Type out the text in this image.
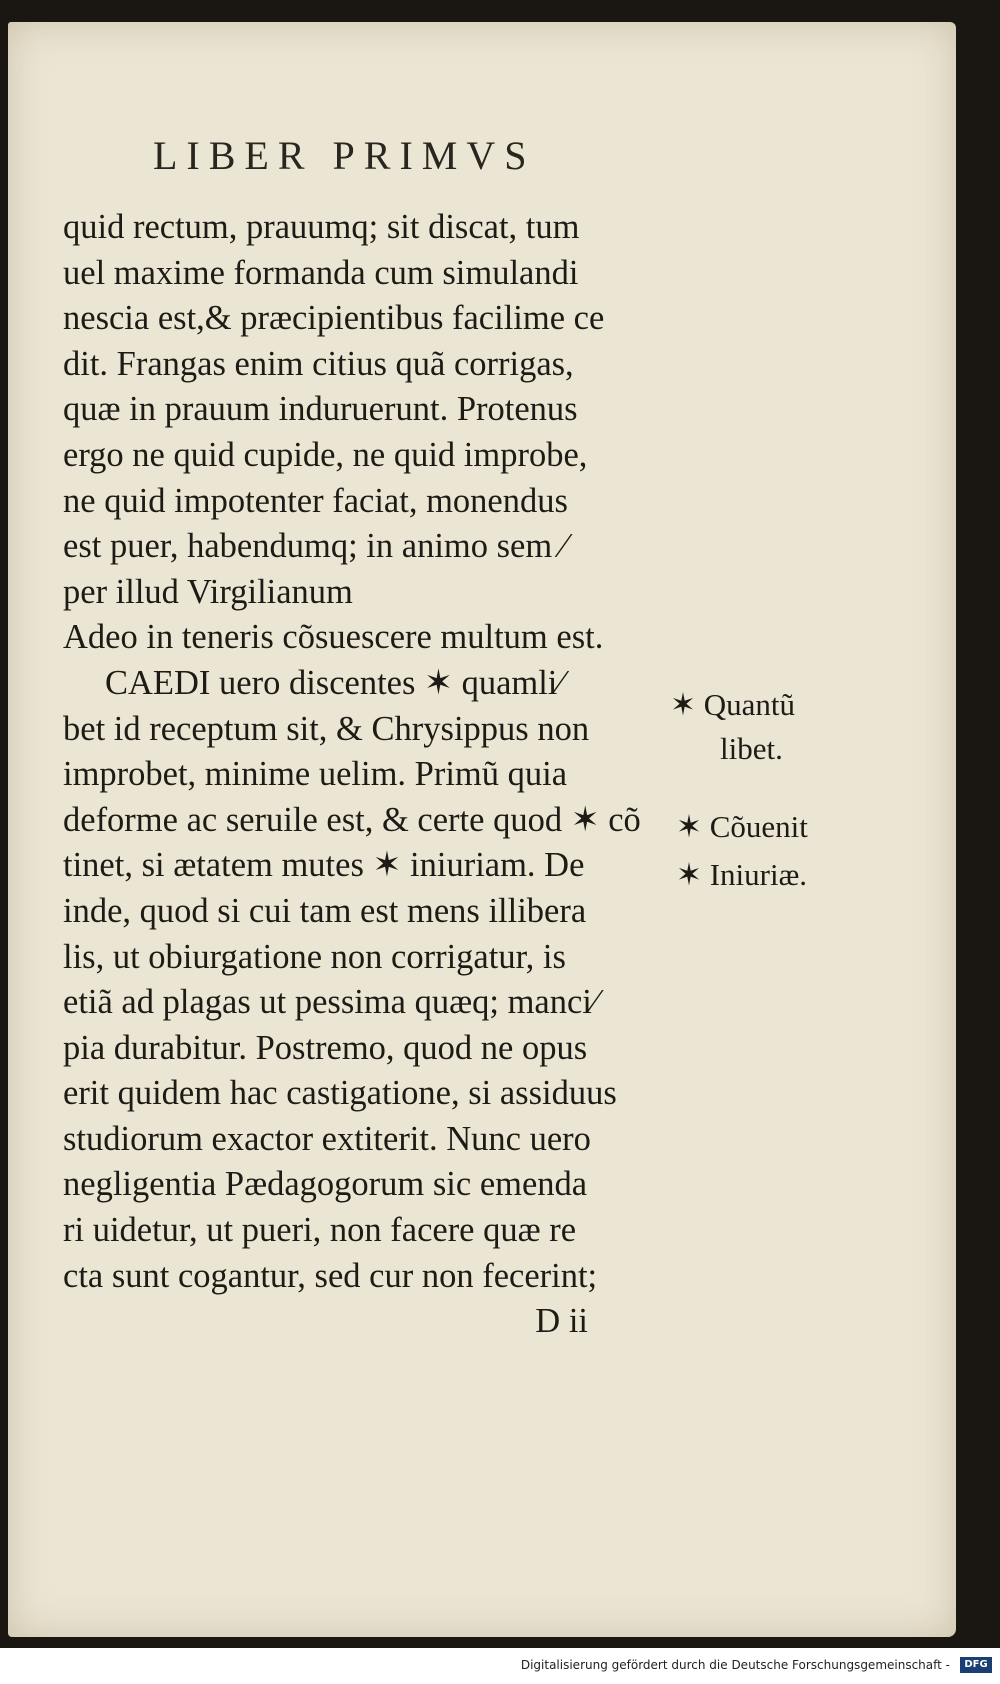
LIBER PRIMVS
quid rectum, prauumq; sit discat, tum
uel maxime formanda cum simulandi
nescia est,& præcipientibus facilime ce
dit. Frangas enim citius quã corrigas,
quæ in prauum induruerunt. Protenus
ergo ne quid cupide, ne quid improbe,
ne quid impotenter faciat, monendus
est puer, habendumq; in animo sem ⁄
per illud Virgilianum
Adeo in teneris cõsuescere multum est.
CAEDI uero discentes ✶ quamli⁄
bet id receptum sit, & Chrysippus non
improbet, minime uelim. Primũ quia
deforme ac seruile est, & certe quod ✶ cõ
tinet, si ætatem mutes ✶ iniuriam. De
inde, quod si cui tam est mens illibera
lis, ut obiurgatione non corrigatur, is
etiã ad plagas ut pessima quæq; manci⁄
pia durabitur. Postremo, quod ne opus
erit quidem hac castigatione, si assiduus
studiorum exactor extiterit. Nunc uero
negligentia Pædagogorum sic emenda
ri uidetur, ut pueri, non facere quæ re
cta sunt cogantur, sed cur non fecerint;
D ii
✶ Quantũ
libet.
✶ Cõuenit
✶ Iniuriæ.
Digitalisierung gefördert durch die Deutsche Forschungsgemeinschaft -	DFG
